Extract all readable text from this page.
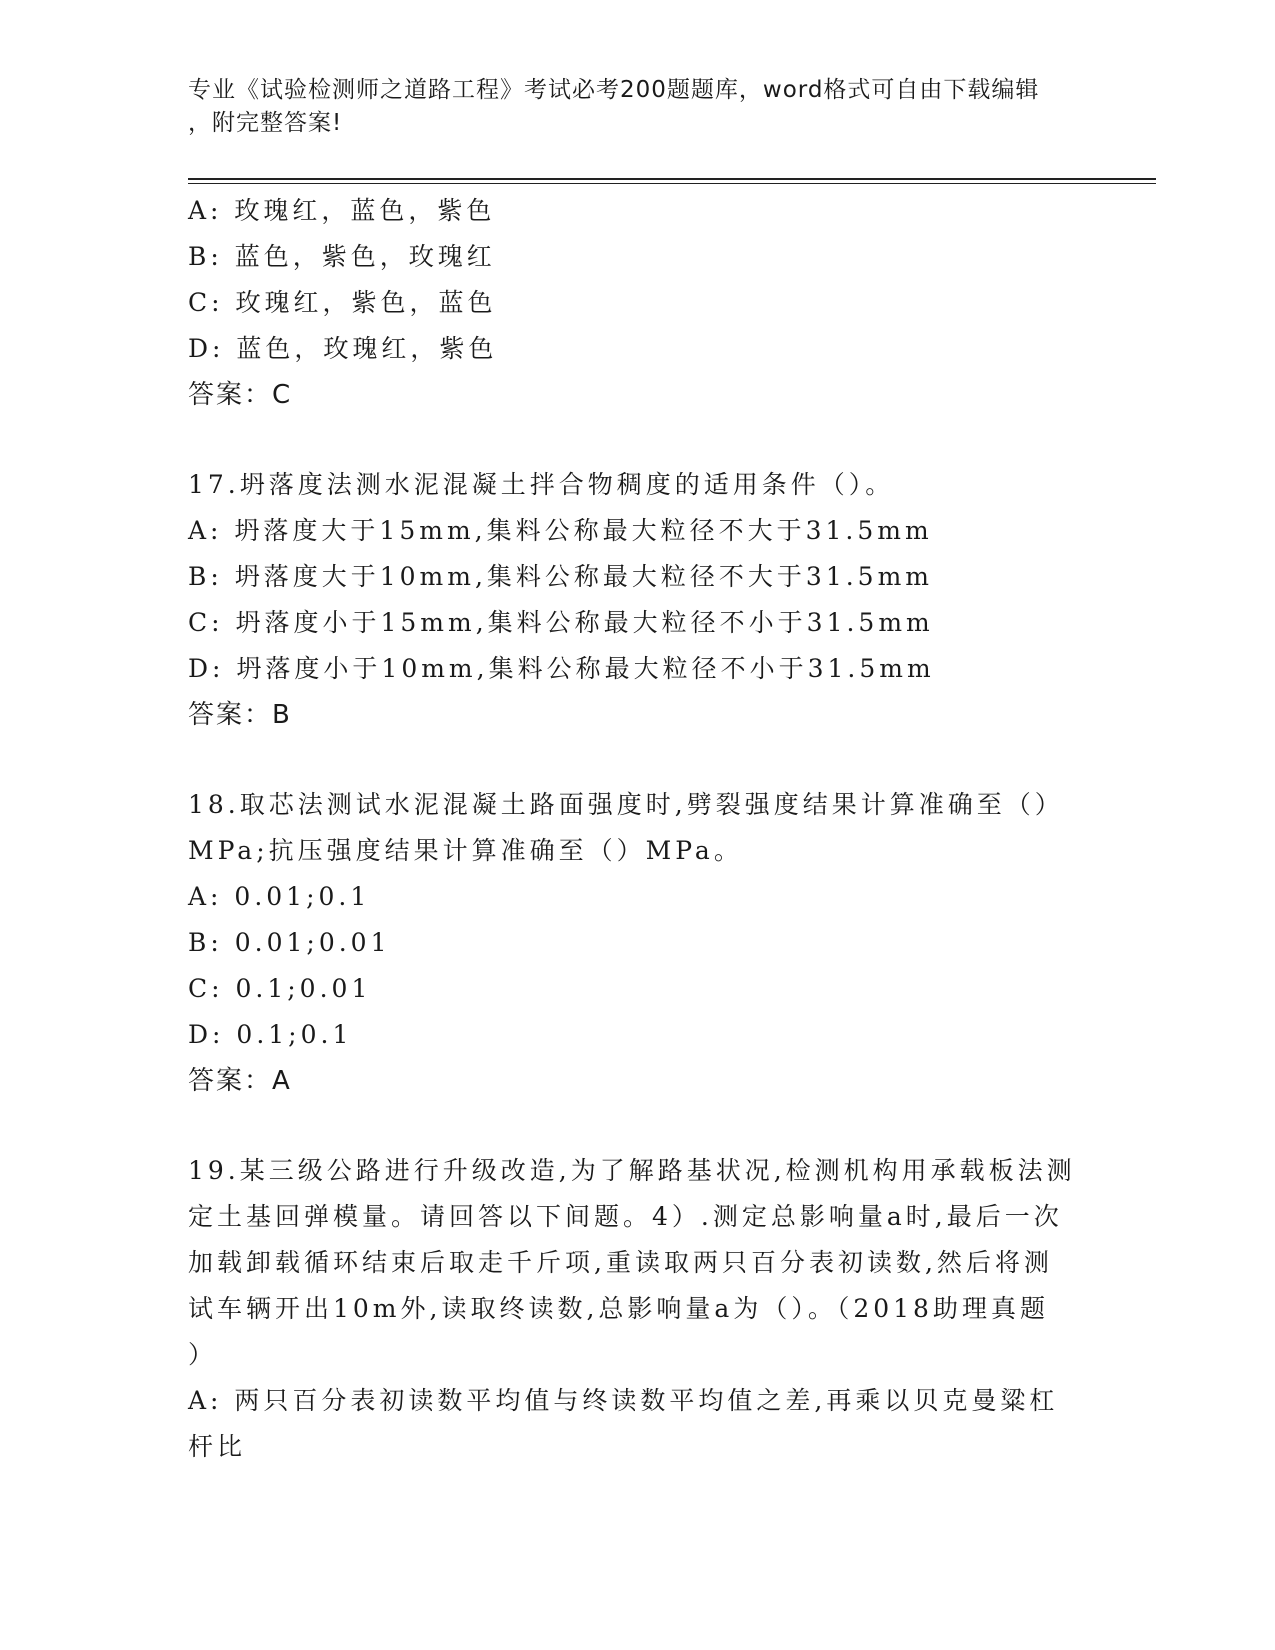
专业《试验检测师之道路工程》考试必考200题题库，word格式可自由下载编辑
，附完整答案!
A: 玫瑰红，蓝色，紫色
B: 蓝色，紫色，玫瑰红
C: 玫瑰红，紫色，蓝色
D: 蓝色，玫瑰红，紫色
答案：C
17.坍落度法测水泥混凝土拌合物稠度的适用条件（）。
A: 坍落度大于15mm,集料公称最大粒径不大于31.5mm
B: 坍落度大于10mm,集料公称最大粒径不大于31.5mm
C: 坍落度小于15mm,集料公称最大粒径不小于31.5mm
D: 坍落度小于10mm,集料公称最大粒径不小于31.5mm
答案：B
18.取芯法测试水泥混凝土路面强度时,劈裂强度结果计算准确至（）
MPa;抗压强度结果计算准确至（）MPa。
A: 0.01;0.1
B: 0.01;0.01
C: 0.1;0.01
D: 0.1;0.1
答案：A
19.某三级公路进行升级改造,为了解路基状况,检测机构用承载板法测
定土基回弹模量。请回答以下间题。4）.测定总影响量a时,最后一次
加载卸载循环结束后取走千斤项,重读取两只百分表初读数,然后将测
试车辆开出10m外,读取终读数,总影响量a为（）。（2018助理真题
）
A: 两只百分表初读数平均值与终读数平均值之差,再乘以贝克曼粱杠
杆比
